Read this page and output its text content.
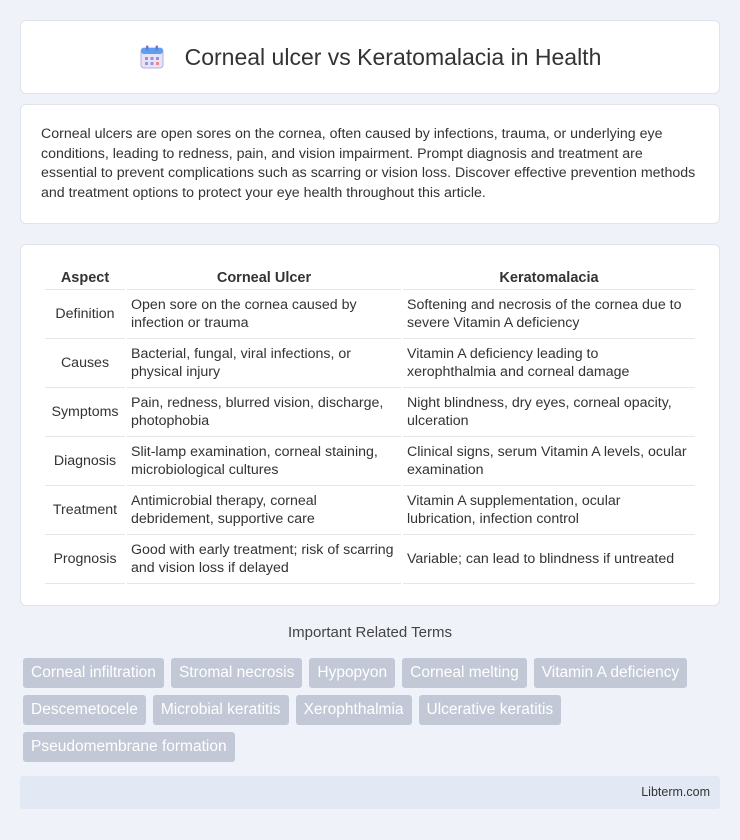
Corneal ulcer vs Keratomalacia in Health

Corneal ulcers are open sores on the cornea, often caused by infections, trauma, or underlying eye conditions, leading to redness, pain, and vision impairment. Prompt diagnosis and treatment are essential to prevent complications such as scarring or vision loss. Discover effective prevention methods and treatment options to protect your eye health throughout this article.

Aspect	Corneal Ulcer	Keratomalacia
Definition	Open sore on the cornea caused by infection or trauma	Softening and necrosis of the cornea due to severe Vitamin A deficiency
Causes	Bacterial, fungal, viral infections, or physical injury	Vitamin A deficiency leading to xerophthalmia and corneal damage
Symptoms	Pain, redness, blurred vision, discharge, photophobia	Night blindness, dry eyes, corneal opacity, ulceration
Diagnosis	Slit-lamp examination, corneal staining, microbiological cultures	Clinical signs, serum Vitamin A levels, ocular examination
Treatment	Antimicrobial therapy, corneal debridement, supportive care	Vitamin A supplementation, ocular lubrication, infection control
Prognosis	Good with early treatment; risk of scarring and vision loss if delayed	Variable; can lead to blindness if untreated
Important Related Terms
Corneal infiltration	Stromal necrosis	Hypopyon	Corneal melting	Vitamin A deficiency
Descemetocele	Microbial keratitis	Xerophthalmia	Ulcerative keratitis
Pseudomembrane formation
Libterm.com
